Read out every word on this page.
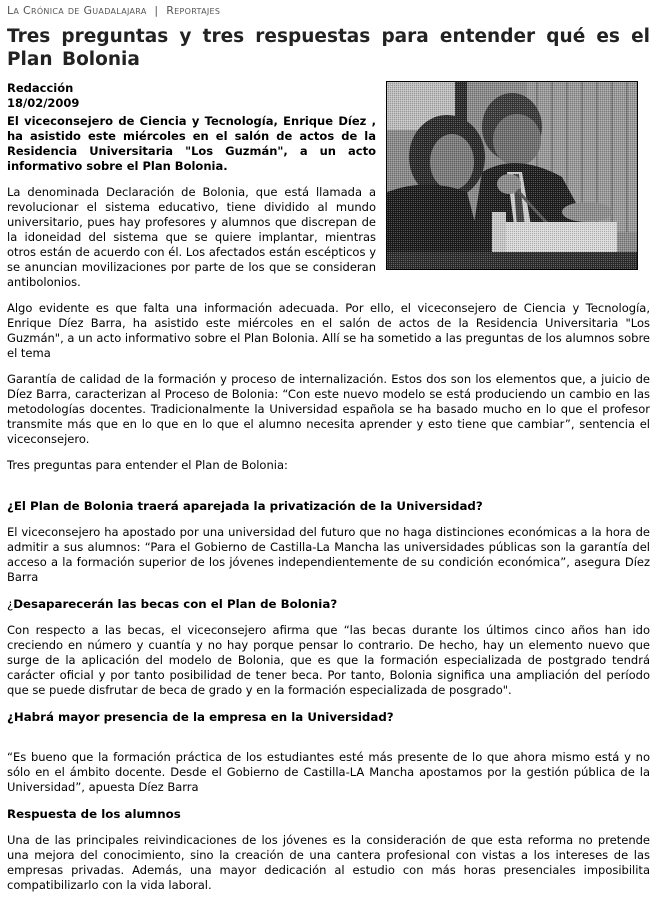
La Crónica de Guadalajara | Reportajes
Tres preguntas y tres respuestas para entender qué es el Plan Bolonia
Redacción
18/02/2009

El viceconsejero de Ciencia y Tecnología, Enrique Díez , ha asistido este miércoles en el salón de actos de la Residencia Universitaria "Los Guzmán", a un acto informativo sobre el Plan Bolonia.

La denominada Declaración de Bolonia, que está llamada a revolucionar el sistema educativo, tiene dividido al mundo universitario, pues hay profesores y alumnos que discrepan de la idoneidad del sistema que se quiere implantar, mientras otros están de acuerdo con él. Los afectados están escépticos y se anuncian movilizaciones por parte de los que se consideran antibolonios.

Algo evidente es que falta una información adecuada. Por ello, el viceconsejero de Ciencia y Tecnología, Enrique Díez Barra, ha asistido este miércoles en el salón de actos de la Residencia Universitaria "Los Guzmán", a un acto informativo sobre el Plan Bolonia. Allí se ha sometido a las preguntas de los alumnos sobre el tema

Garantía de calidad de la formación y proceso de internalización. Estos dos son los elementos que, a juicio de Díez Barra, caracterizan al Proceso de Bolonia: “Con este nuevo modelo se está produciendo un cambio en las metodologías docentes. Tradicionalmente la Universidad española se ha basado mucho en lo que el profesor transmite más que en lo que en lo que el alumno necesita aprender y esto tiene que cambiar”, sentencia el viceconsejero.

Tres preguntas para entender el Plan de Bolonia:

¿El Plan de Bolonia traerá aparejada la privatización de la Universidad?

El viceconsejero ha apostado por una universidad del futuro que no haga distinciones económicas a la hora de admitir a sus alumnos: “Para el Gobierno de Castilla-La Mancha las universidades públicas son la garantía del acceso a la formación superior de los jóvenes independientemente de su condición económica”, asegura Díez Barra

¿Desaparecerán las becas con el Plan de Bolonia?

Con respecto a las becas, el viceconsejero afirma que “las becas durante los últimos cinco años han ido creciendo en número y cuantía y no hay porque pensar lo contrario. De hecho, hay un elemento nuevo que surge de la aplicación del modelo de Bolonia, que es que la formación especializada de postgrado tendrá carácter oficial y por tanto posibilidad de tener beca. Por tanto, Bolonia significa una ampliación del período que se puede disfrutar de beca de grado y en la formación especializada de posgrado".

¿Habrá mayor presencia de la empresa en la Universidad?

“Es bueno que la formación práctica de los estudiantes esté más presente de lo que ahora mismo está y no sólo en el ámbito docente. Desde el Gobierno de Castilla-LA Mancha apostamos por la gestión pública de la Universidad”, apuesta Díez Barra

Respuesta de los alumnos

Una de las principales reivindicaciones de los jóvenes es la consideración de que esta reforma no pretende una mejora del conocimiento, sino la creación de una cantera profesional con vistas a los intereses de las empresas privadas. Además, una mayor dedicación al estudio con más horas presenciales imposibilita compatibilizarlo con la vida laboral.
